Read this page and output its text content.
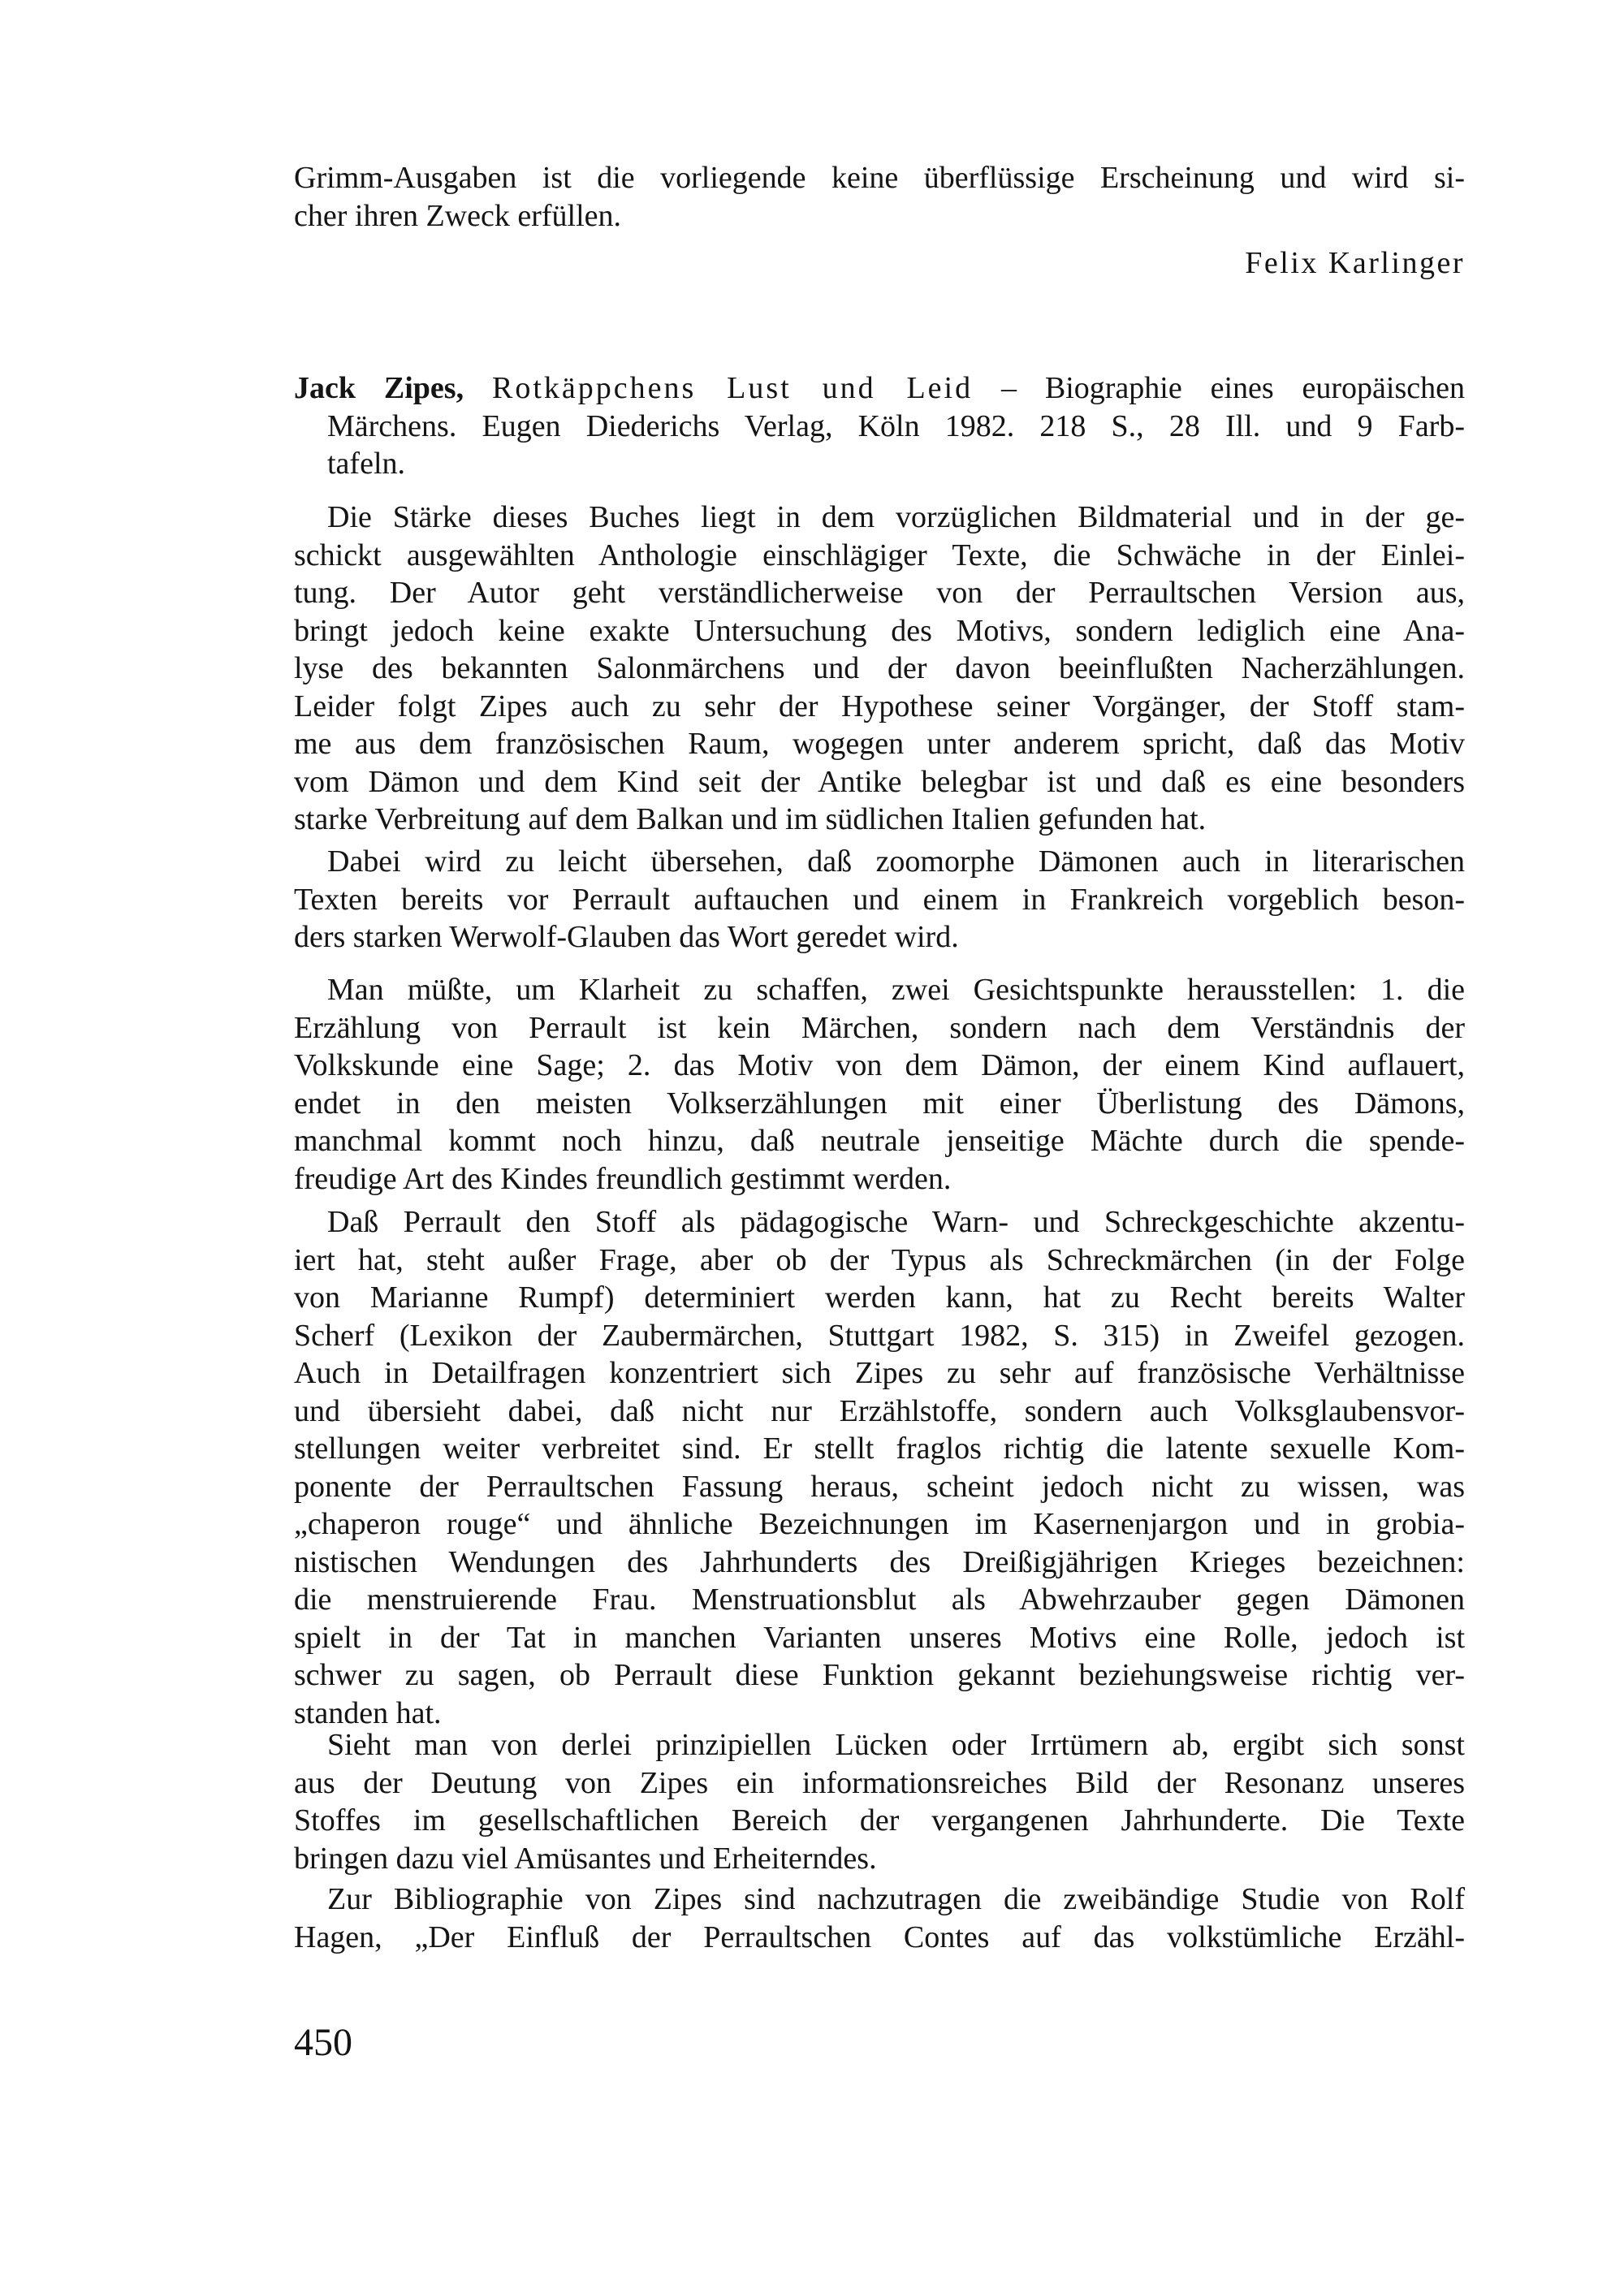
Grimm-Ausgaben ist die vorliegende keine überflüssige Erscheinung und wird si-
cher ihren Zweck erfüllen.
Felix Karlinger
Jack Zipes, Rotkäppchens Lust und Leid – Biographie eines europäischen
Märchens. Eugen Diederichs Verlag, Köln 1982. 218 S., 28 Ill. und 9 Farb-
tafeln.
Die Stärke dieses Buches liegt in dem vorzüglichen Bildmaterial und in der ge-
schickt ausgewählten Anthologie einschlägiger Texte, die Schwäche in der Einlei-
tung. Der Autor geht verständlicherweise von der Perraultschen Version aus,
bringt jedoch keine exakte Untersuchung des Motivs, sondern lediglich eine Ana-
lyse des bekannten Salonmärchens und der davon beeinflußten Nacherzählungen.
Leider folgt Zipes auch zu sehr der Hypothese seiner Vorgänger, der Stoff stam-
me aus dem französischen Raum, wogegen unter anderem spricht, daß das Motiv
vom Dämon und dem Kind seit der Antike belegbar ist und daß es eine besonders
starke Verbreitung auf dem Balkan und im südlichen Italien gefunden hat.
Dabei wird zu leicht übersehen, daß zoomorphe Dämonen auch in literarischen
Texten bereits vor Perrault auftauchen und einem in Frankreich vorgeblich beson-
ders starken Werwolf-Glauben das Wort geredet wird.
Man müßte, um Klarheit zu schaffen, zwei Gesichtspunkte herausstellen: 1. die
Erzählung von Perrault ist kein Märchen, sondern nach dem Verständnis der
Volkskunde eine Sage; 2. das Motiv von dem Dämon, der einem Kind auflauert,
endet in den meisten Volkserzählungen mit einer Überlistung des Dämons,
manchmal kommt noch hinzu, daß neutrale jenseitige Mächte durch die spende-
freudige Art des Kindes freundlich gestimmt werden.
Daß Perrault den Stoff als pädagogische Warn- und Schreckgeschichte akzentu-
iert hat, steht außer Frage, aber ob der Typus als Schreckmärchen (in der Folge
von Marianne Rumpf) determiniert werden kann, hat zu Recht bereits Walter
Scherf (Lexikon der Zaubermärchen, Stuttgart 1982, S. 315) in Zweifel gezogen.
Auch in Detailfragen konzentriert sich Zipes zu sehr auf französische Verhältnisse
und übersieht dabei, daß nicht nur Erzählstoffe, sondern auch Volksglaubensvor-
stellungen weiter verbreitet sind. Er stellt fraglos richtig die latente sexuelle Kom-
ponente der Perraultschen Fassung heraus, scheint jedoch nicht zu wissen, was
„chaperon rouge“ und ähnliche Bezeichnungen im Kasernenjargon und in grobia-
nistischen Wendungen des Jahrhunderts des Dreißigjährigen Krieges bezeichnen:
die menstruierende Frau. Menstruationsblut als Abwehrzauber gegen Dämonen
spielt in der Tat in manchen Varianten unseres Motivs eine Rolle, jedoch ist
schwer zu sagen, ob Perrault diese Funktion gekannt beziehungsweise richtig ver-
standen hat.
Sieht man von derlei prinzipiellen Lücken oder Irrtümern ab, ergibt sich sonst
aus der Deutung von Zipes ein informationsreiches Bild der Resonanz unseres
Stoffes im gesellschaftlichen Bereich der vergangenen Jahrhunderte. Die Texte
bringen dazu viel Amüsantes und Erheiterndes.
Zur Bibliographie von Zipes sind nachzutragen die zweibändige Studie von Rolf
Hagen, „Der Einfluß der Perraultschen Contes auf das volkstümliche Erzähl-
450
